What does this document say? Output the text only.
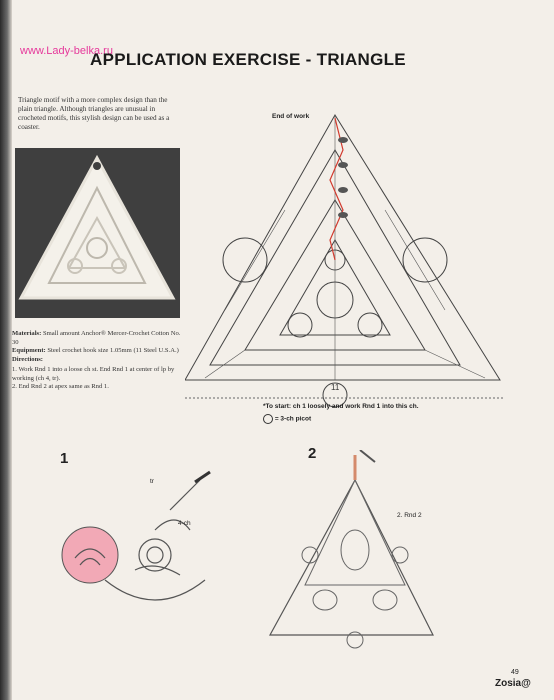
www.Lady-belka.ru
APPLICATION EXERCISE - TRIANGLE
Triangle motif with a more complex design than the plain triangle. Although triangles are unusual in crocheted motifs, this stylish design can be used as a coaster.
Materials: Small amount Anchor® Mercer-Crochet Cotton No. 30
Equipment: Steel crochet hook size 1.05mm (11 Steel U.S.A.)
Directions:
1. Work Rnd 1 into a loose ch st. End Rnd 1 at center of lp by working (ch 4, tr).
2. End Rnd 2 at apex same as Rnd 1.
End of work
11
*To start: ch 1 loosely and work Rnd 1 into this ch.
= 3-ch picot
1	2
tr
4-ch
2. Rnd 2
49
Zosia@
